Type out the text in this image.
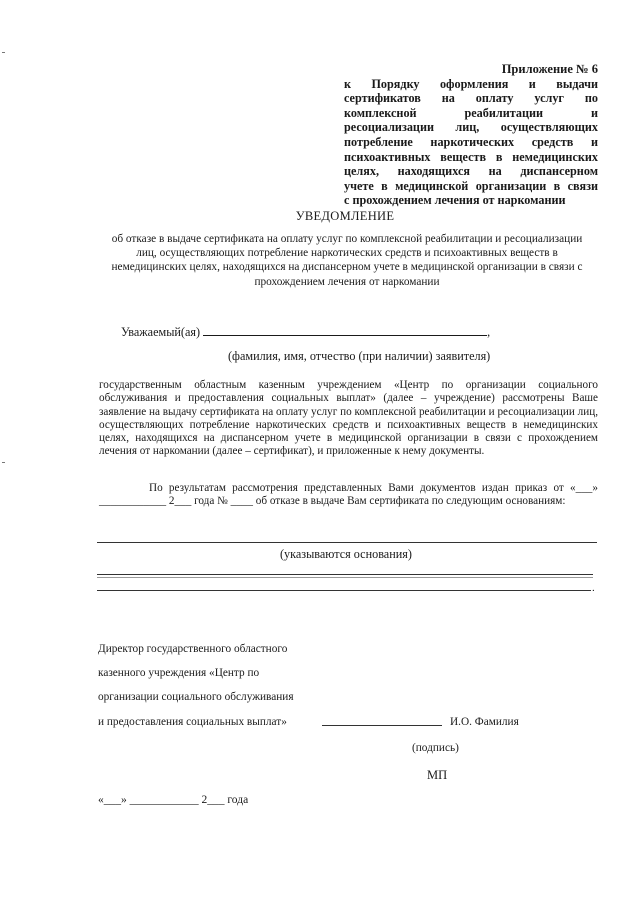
Приложение № 6
к Порядку оформления и выдачи
сертификатов на оплату услуг по
комплексной реабилитации и
ресоциализации лиц, осуществляющих
потребление наркотических средств и
психоактивных веществ в немедицинских
целях, находящихся на диспансерном
учете в медицинской организации в связи
с прохождением лечения от наркомании
УВЕДОМЛЕНИЕ
об отказе в выдаче сертификата на оплату услуг по комплексной реабилитации и ресоциализации
лиц, осуществляющих потребление наркотических средств и психоактивных веществ в
немедицинских целях, находящихся на диспансерном учете в медицинской организации в связи с
прохождением лечения от наркомании
Уважаемый(ая)	,
(фамилия, имя, отчество (при наличии) заявителя)
государственным областным казенным учреждением «Центр по организации социального обслуживания и предоставления социальных выплат» (далее – учреждение) рассмотрены Ваше заявление на выдачу сертификата на оплату услуг по комплексной реабилитации и ресоциализации лиц, осуществляющих потребление наркотических средств и психоактивных веществ в немедицинских целях, находящихся на диспансерном учете в медицинской организации в связи с прохождением лечения от наркомании (далее – сертификат), и приложенные к нему документы.
По результатам рассмотрения представленных Вами документов издан приказ от «___» ____________ 2___ года № ____ об отказе в выдаче Вам сертификата по следующим основаниям:
(указываются основания)
.
Директор государственного областного
казенного учреждения «Центр по
организации социального обслуживания
и предоставления социальных выплат»	И.О. Фамилия
(подпись)
МП
«___» ____________ 2___ года
